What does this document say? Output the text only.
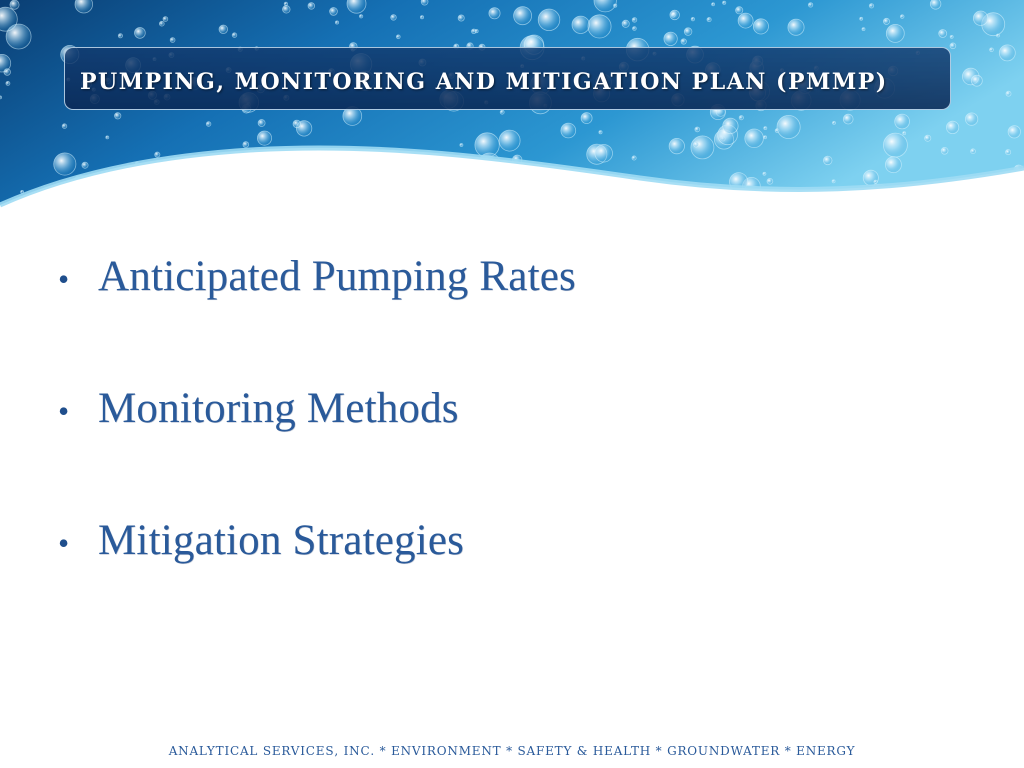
pumping, monitoring and mitigation plan (pmmp)
• Anticipated Pumping Rates
• Monitoring Methods
• Mitigation Strategies
Analytical Services, Inc. * Environment * Safety & Health * Groundwater * Energy
